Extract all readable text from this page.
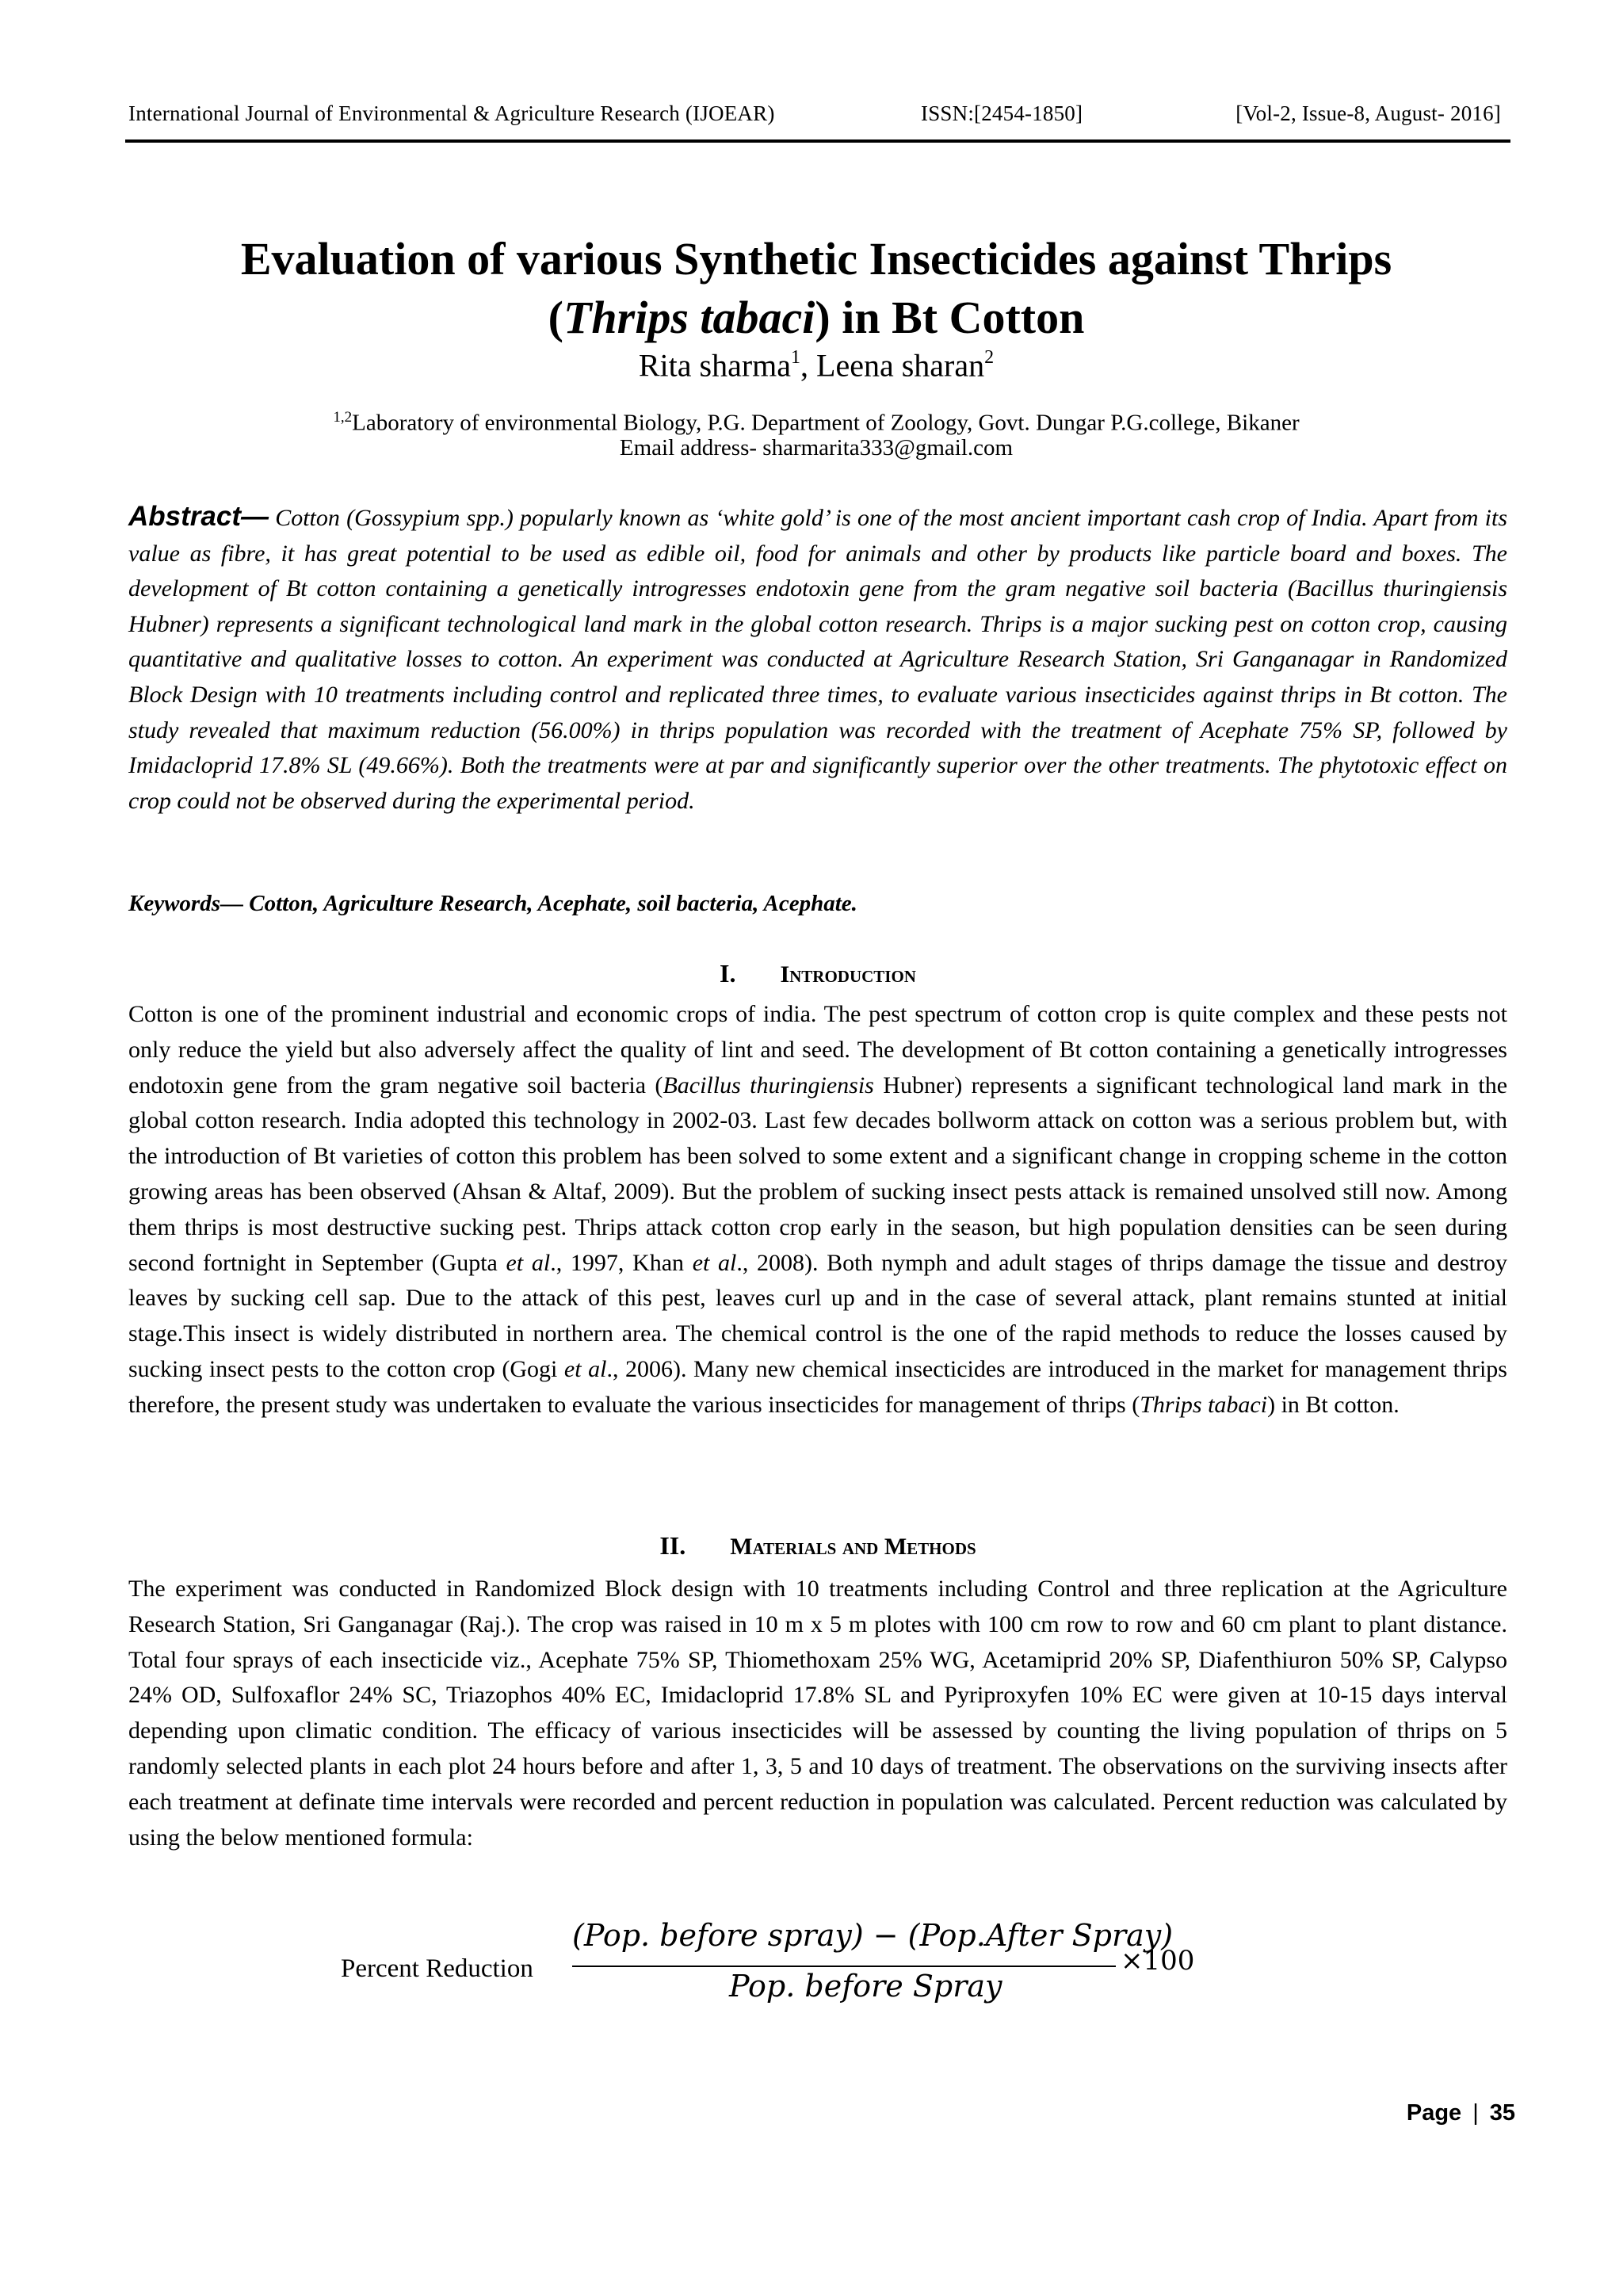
International Journal of Environmental & Agriculture Research (IJOEAR)	ISSN:[2454-1850]	[Vol-2, Issue-8, August- 2016]
Evaluation of various Synthetic Insecticides against Thrips
(Thrips tabaci) in Bt Cotton
Rita sharma$^1$, Leena sharan$^2$
$^{1,2}$Laboratory of environmental Biology, P.G. Department of Zoology, Govt. Dungar P.G.college, Bikaner
Email address- sharmarita333@gmail.com
Abstract— Cotton (Gossypium spp.) popularly known as ‘white gold’ is one of the most ancient important cash crop of India. Apart from its value as fibre, it has great potential to be used as edible oil, food for animals and other by products like particle board and boxes. The development of Bt cotton containing a genetically introgresses endotoxin gene from the gram negative soil bacteria (Bacillus thuringiensis Hubner) represents a significant technological land mark in the global cotton research. Thrips is a major sucking pest on cotton crop, causing quantitative and qualitative losses to cotton. An experiment was conducted at Agriculture Research Station, Sri Ganganagar in Randomized Block Design with 10 treatments including control and replicated three times, to evaluate various insecticides against thrips in Bt cotton. The study revealed that maximum reduction (56.00%) in thrips population was recorded with the treatment of Acephate 75% SP, followed by Imidacloprid 17.8% SL (49.66%). Both the treatments were at par and significantly superior over the other treatments. The phytotoxic effect on crop could not be observed during the experimental period.
Keywords— Cotton, Agriculture Research, Acephate, soil bacteria, Acephate.
I. Introduction
Cotton is one of the prominent industrial and economic crops of india. The pest spectrum of cotton crop is quite complex and these pests not only reduce the yield but also adversely affect the quality of lint and seed. The development of Bt cotton containing a genetically introgresses endotoxin gene from the gram negative soil bacteria (Bacillus thuringiensis Hubner) represents a significant technological land mark in the global cotton research. India adopted this technology in 2002-03. Last few decades bollworm attack on cotton was a serious problem but, with the introduction of Bt varieties of cotton this problem has been solved to some extent and a significant change in cropping scheme in the cotton growing areas has been observed (Ahsan & Altaf, 2009). But the problem of sucking insect pests attack is remained unsolved still now. Among them thrips is most destructive sucking pest. Thrips attack cotton crop early in the season, but high population densities can be seen during second fortnight in September (Gupta et al., 1997, Khan et al., 2008). Both nymph and adult stages of thrips damage the tissue and destroy leaves by sucking cell sap. Due to the attack of this pest, leaves curl up and in the case of several attack, plant remains stunted at initial stage.This insect is widely distributed in northern area. The chemical control is the one of the rapid methods to reduce the losses caused by sucking insect pests to the cotton crop (Gogi et al., 2006). Many new chemical insecticides are introduced in the market for management thrips therefore, the present study was undertaken to evaluate the various insecticides for management of thrips (Thrips tabaci) in Bt cotton.
II. Materials and Methods
The experiment was conducted in Randomized Block design with 10 treatments including Control and three replication at the Agriculture Research Station, Sri Ganganagar (Raj.). The crop was raised in 10 m x 5 m plotes with 100 cm row to row and 60 cm plant to plant distance. Total four sprays of each insecticide viz., Acephate 75% SP, Thiomethoxam 25% WG, Acetamiprid 20% SP, Diafenthiuron 50% SP, Calypso 24% OD, Sulfoxaflor 24% SC, Triazophos 40% EC, Imidacloprid 17.8% SL and Pyriproxyfen 10% EC were given at 10-15 days interval depending upon climatic condition. The efficacy of various insecticides will be assessed by counting the living population of thrips on 5 randomly selected plants in each plot 24 hours before and after 1, 3, 5 and 10 days of treatment. The observations on the surviving insects after each treatment at definate time intervals were recorded and percent reduction in population was calculated. Percent reduction was calculated by using the below mentioned formula:
Percent Reduction
(Pop. before spray) − (Pop.After Spray)
Pop. before Spray
×100
Page | 35
